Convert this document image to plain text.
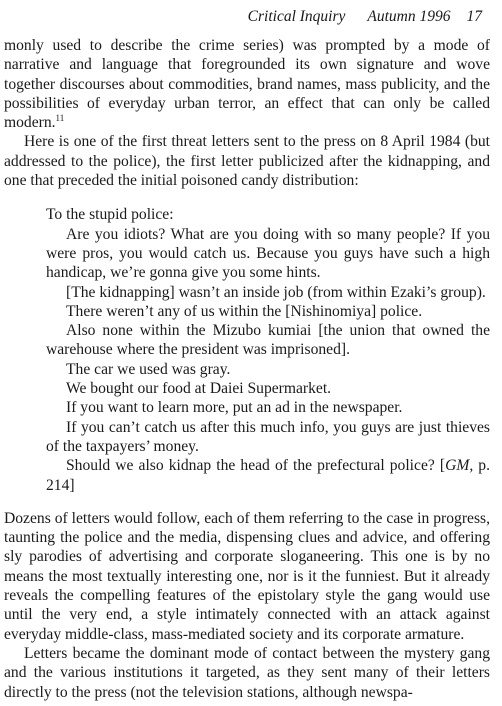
Critical Inquiry Autumn 1996 17

monly used to describe the crime series) was prompted by a mode of narrative and language that foregrounded its own signature and wove together discourses about commodities, brand names, mass publicity, and the possibilities of everyday urban terror, an effect that can only be called modern.$^{11}$

Here is one of the first threat letters sent to the press on 8 April 1984 (but addressed to the police), the first letter publicized after the kidnapping, and one that preceded the initial poisoned candy distribution:

To the stupid police:

Are you idiots? What are you doing with so many people? If you were pros, you would catch us. Because you guys have such a high handicap, we’re gonna give you some hints.

[The kidnapping] wasn’t an inside job (from within Ezaki’s group).

There weren’t any of us within the [Nishinomiya] police.

Also none within the Mizubo kumiai [the union that owned the warehouse where the president was imprisoned].

The car we used was gray.

We bought our food at Daiei Supermarket.

If you want to learn more, put an ad in the newspaper.

If you can’t catch us after this much info, you guys are just thieves of the taxpayers’ money.

Should we also kidnap the head of the prefectural police? [GM, p. 214]

Dozens of letters would follow, each of them referring to the case in progress, taunting the police and the media, dispensing clues and advice, and offering sly parodies of advertising and corporate sloganeering. This one is by no means the most textually interesting one, nor is it the funniest. But it already reveals the compelling features of the epistolary style the gang would use until the very end, a style intimately connected with an attack against everyday middle-class, mass-mediated society and its corporate armature.

Letters became the dominant mode of contact between the mystery gang and the various institutions it targeted, as they sent many of their letters directly to the press (not the television stations, although newspa-
